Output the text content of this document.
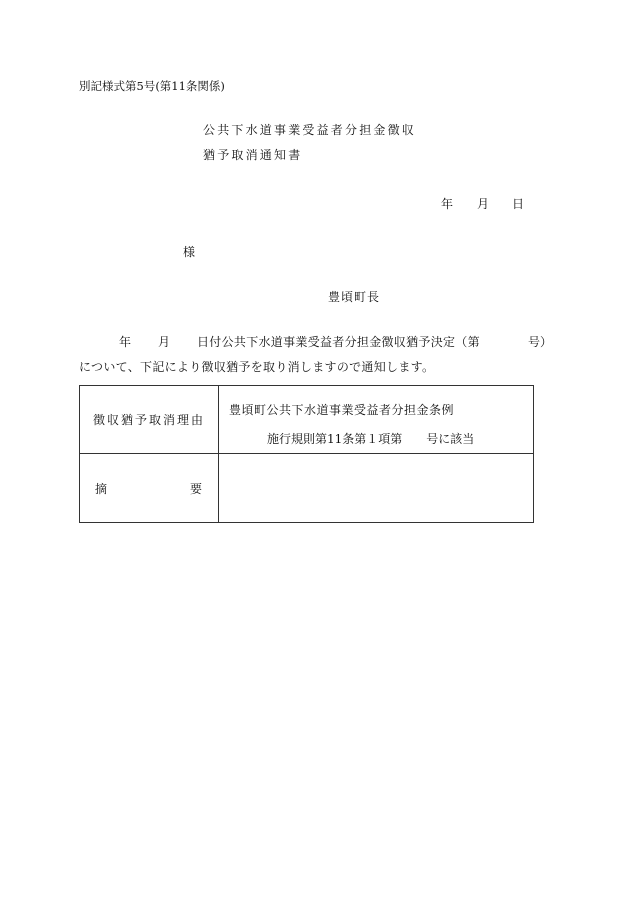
別記様式第5号(第11条関係)
公共下水道事業受益者分担金徴収
猶予取消通知書
年 月 日
様
豊頃町長
年 月 日付公共下水道事業受益者分担金徴収猶予決定（第	号）
について、下記により徴収猶予を取り消しますので通知します。
徴収猶予取消理由	豊頃町公共下水道事業受益者分担金条例
施行規則第11条第１項第　　号に該当

摘 要	
